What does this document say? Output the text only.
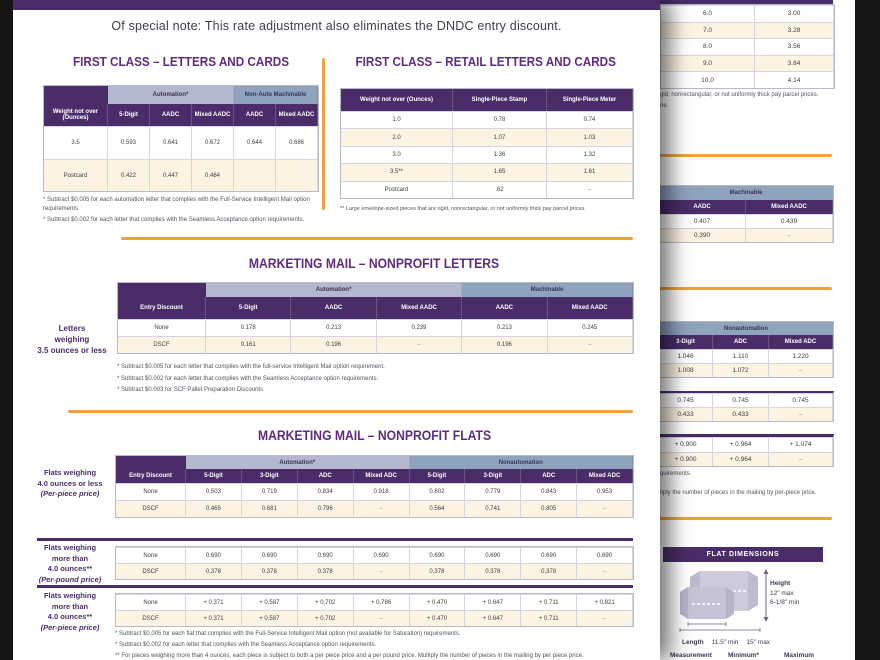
6.0	3.00
7.0	3.28
8.0	3.56
9.0	3.84
10.0	4.14
gid, nonrectangular, or not uniformly thick pay parcel prices.
ne.
Machinable
AADC	Mixed AADC
0.407	0.439
0.390	–
Nonautomation
3-Digit	ADC	Mixed ADC
1.046	1.110	1.220
1.008	1.072	–
0.745	0.745	0.745
0.433	0.433	–
+ 0.900	+ 0.964	+ 1.074
+ 0.900	+ 0.964	–
quirements.
tiply the number of pieces in the mailing by per-piece price.
FLAT DIMENSIONS
Height
12" max
6-1/8" min
Length 11.5" min 15" max
Measurement Minimum*	Maximum
Of special note: This rate adjustment also eliminates the DNDC entry discount.
FIRST CLASS – LETTERS AND CARDS	FIRST CLASS – RETAIL LETTERS AND CARDS
Automation*	Non-Auto Machinable
Weight not over (Ounces)	5-Digit	AADC	Mixed AADC	AADC	Mixed AADC
3.5	0.593	0.641	0.672	0.644	0.686
Postcard	0.422	0.447	0.464
* Subtract $0.005 for each automation letter that complies with the Full-Service Intelligent Mail option requirements
* Subtract $0.002 for each letter that complies with the Seamless Acceptance option requirements.
Weight not over (Ounces)	Single-Piece Stamp	Single-Piece Meter
1.0	0.78	0.74
2.0	1.07	1.03
3.0	1.36	1.32
3.5**	1.65	1.61
Postcard	.62	–
** Large envelope-sized pieces that are rigid, nonrectangular, or not uniformly thick pay parcel prices.
MARKETING MAIL – NONPROFIT LETTERS
Letters
weighing
3.5 ounces or less
Automation*	Machinable
Entry Discount	5-Digit	AADC	Mixed AADC	AADC	Mixed AADC
None	0.178	0.213	0.239	0.213	0.245
DSCF	0.161	0.196	–	0.196	–
* Subtract $0.005 for each letter that complies with the full-service Intelligent Mail option requirement.
* Subtract $0.002 for each letter that complies with the Seamless Acceptance option requirements.
* Subtract $0.003 for SCF Pallet Preparation Discounts
MARKETING MAIL – NONPROFIT FLATS
Flats weighing
4.0 ounces or less
(Per-piece price)
Automation*	Nonautomation
Entry Discount	5-Digit	3-Digit	ADC	Mixed ADC	5-Digit	3-Digit	ADC	Mixed ADC
None	0.503	0.719	0.834	0.918	0.602	0.779	0.843	0.953
DSCF	0.465	0.681	0.796	–	0.564	0.741	0.805	–
Flats weighing
more than
4.0 ounces**
(Per-pound price)
None	0.690	0.690	0.690	0.690	0.690	0.690	0.690	0.690
DSCF	0.378	0.378	0.378	–	0.378	0.378	0.378	–
Flats weighing
more than
4.0 ounces**
(Per-piece price)
None	+ 0.371	+ 0.587	+ 0.702	+ 0.786	+ 0.470	+ 0.647	+ 0.711	+ 0.821
DSCF	+ 0.371	+ 0.587	+ 0.702	–	+ 0.470	+ 0.647	+ 0.711	–
* Subtract $0.005 for each flat that complies with the Full-Service Intelligent Mail option (not available for Saturation) requirements.
* Subtract $0.002 for each letter that complies with the Seamless Acceptance option requirements.
** For pieces weighing more than 4 ounces, each piece is subject to both a per piece price and a per pound price. Multiply the number of pieces in the mailing by per piece price.
